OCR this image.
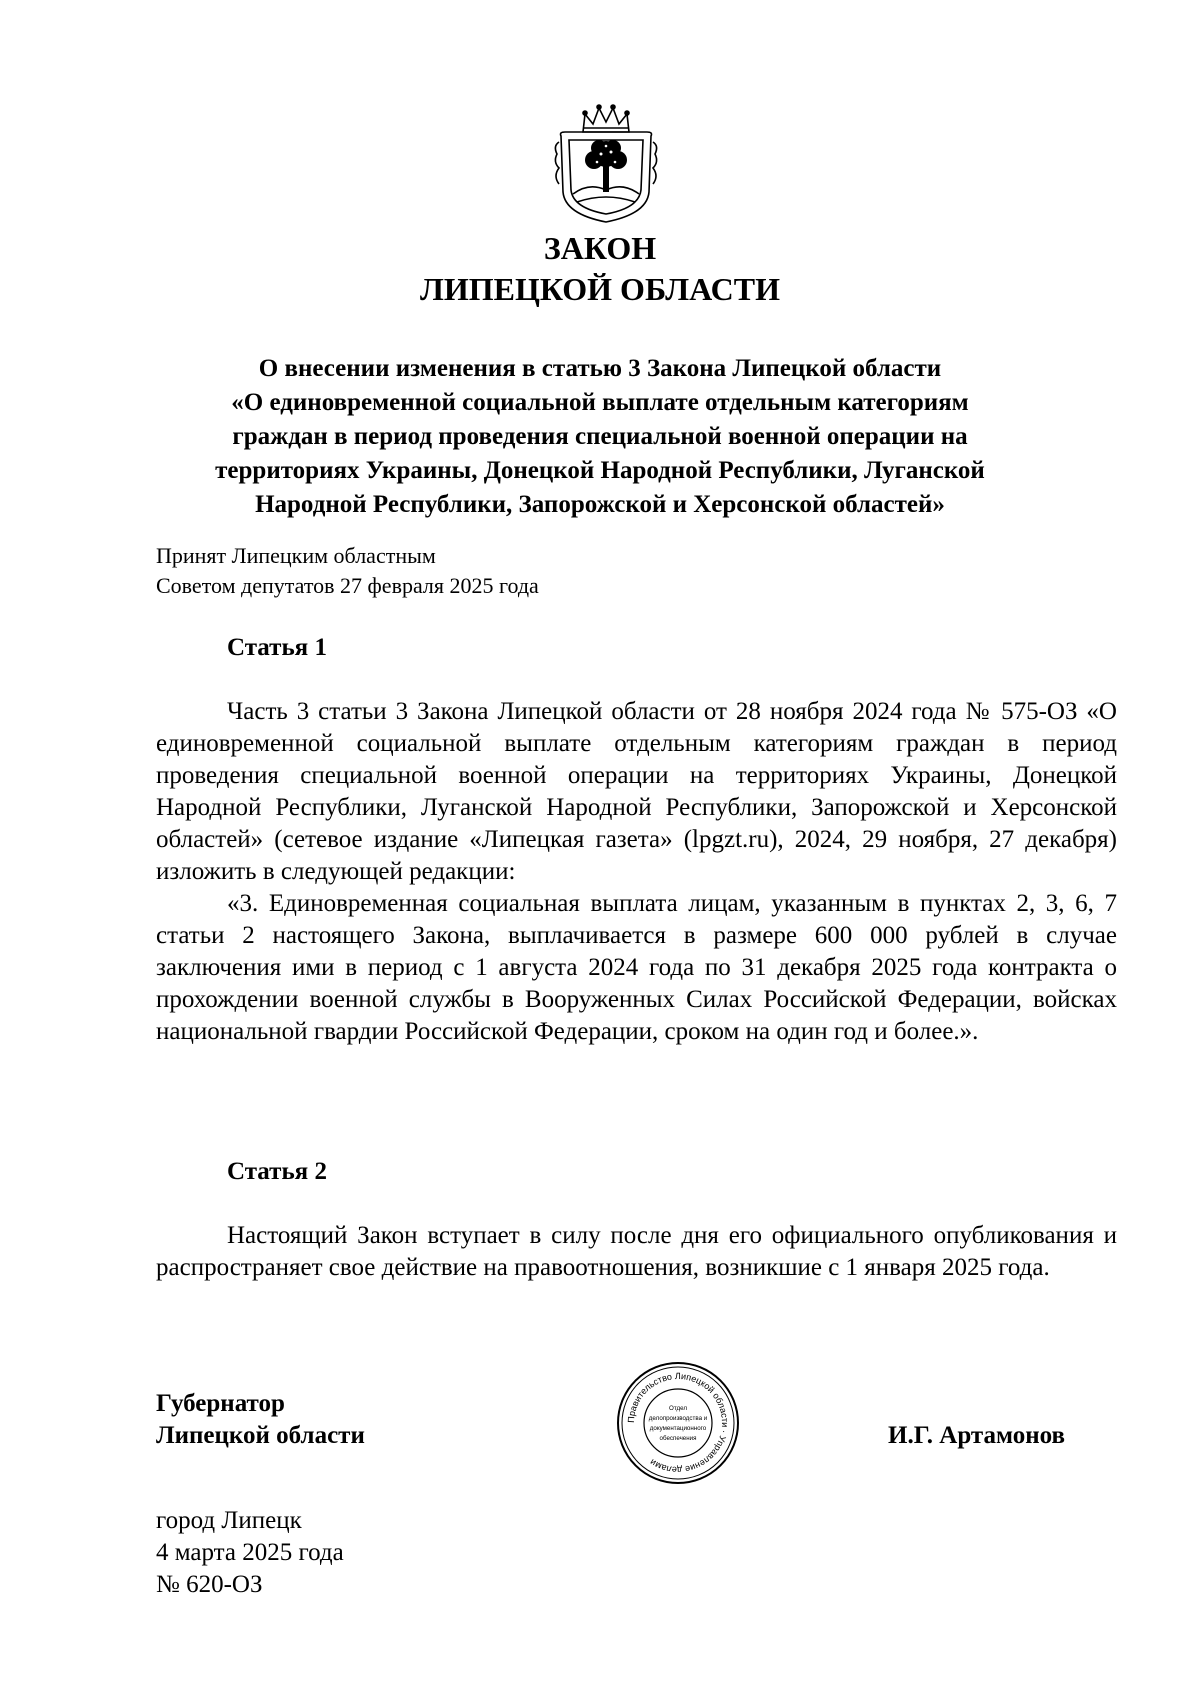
ЗАКОН
ЛИПЕЦКОЙ ОБЛАСТИ
О внесении изменения в статью 3 Закона Липецкой области
«О единовременной социальной выплате отдельным категориям
граждан в период проведения специальной военной операции на
территориях Украины, Донецкой Народной Республики, Луганской
Народной Республики, Запорожской и Херсонской областей»
Принят Липецким областным
Советом депутатов 27 февраля 2025 года
Статья 1

Часть 3 статьи 3 Закона Липецкой области от 28 ноября 2024 года № 575-ОЗ «О единовременной социальной выплате отдельным категориям граждан в период проведения специальной военной операции на территориях Украины, Донецкой Народной Республики, Луганской Народной Республики, Запорожской и Херсонской областей» (сетевое издание «Липецкая газета» (lpgzt.ru), 2024, 29 ноября, 27 декабря) изложить в следующей редакции:

«3. Единовременная социальная выплата лицам, указанным в пунктах 2, 3, 6, 7 статьи 2 настоящего Закона, выплачивается в размере 600 000 рублей в случае заключения ими в период с 1 августа 2024 года по 31 декабря 2025 года контракта о прохождении военной службы в Вооруженных Силах Российской Федерации, войсках национальной гвардии Российской Федерации, сроком на один год и более.».

Статья 2

Настоящий Закон вступает в силу после дня его официального опубликования и распространяет свое действие на правоотношения, возникшие с 1 января 2025 года.

Губернатор
Липецкой области
Правительство Липецкой области · Управление делами
Отдел
делопроизводства и
документационного
обеспечения	И.Г. Артамонов
город Липецк
4 марта 2025 года
№ 620-ОЗ
